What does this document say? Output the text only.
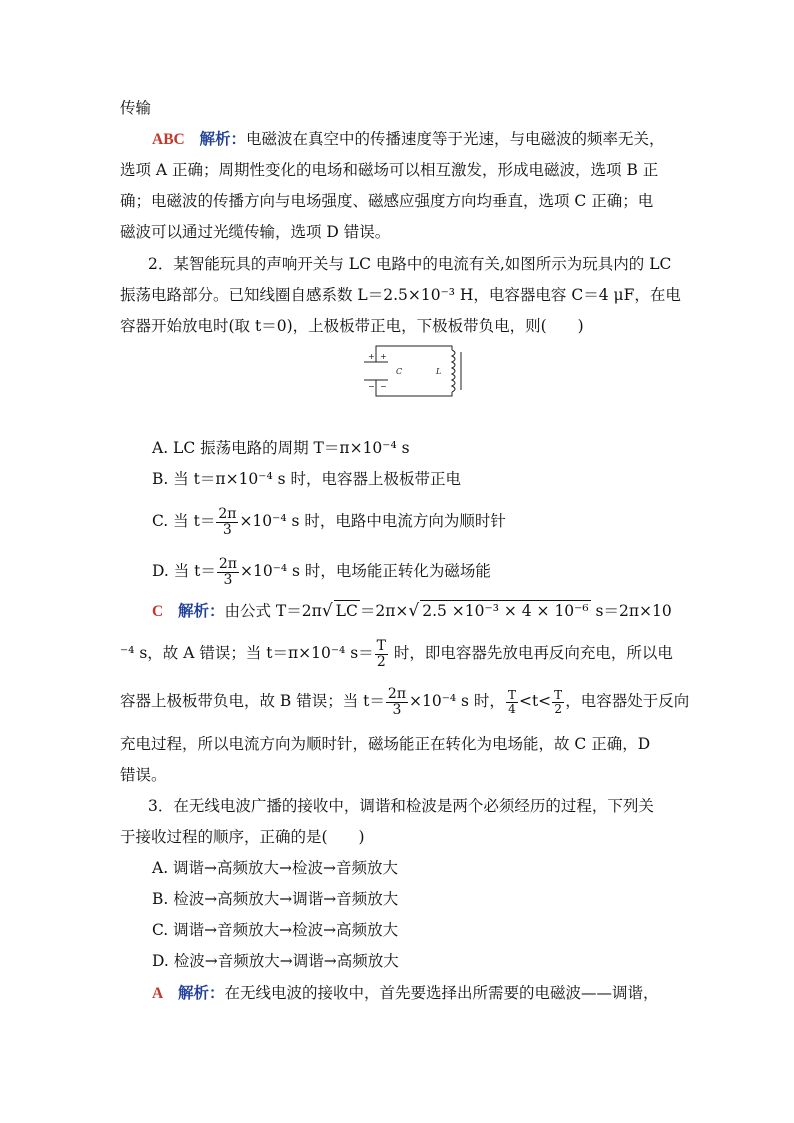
传输
ABC 解析：电磁波在真空中的传播速度等于光速，与电磁波的频率无关，
选项 A 正确；周期性变化的电场和磁场可以相互激发，形成电磁波，选项 B 正
确；电磁波的传播方向与电场强度、磁感应强度方向均垂直，选项 C 正确；电
磁波可以通过光缆传输，选项 D 错误。
2．某智能玩具的声响开关与 LC 电路中的电流有关,如图所示为玩具内的 LC
振荡电路部分。已知线圈自感系数 L＝2.5×10⁻³ H，电容器电容 C＝4 μF，在电
容器开始放电时(取 t＝0)，上极板带正电，下极板带负电，则(　　)
+ +
− −
C	L
A. LC 振荡电路的周期 T＝π×10⁻⁴ s
B. 当 t＝π×10⁻⁴ s 时，电容器上极板带正电
C. 当 $t= \frac{2\pi}{3} \times 10^{-4}$ s 时，电路中电流方向为顺时针
D. 当 $t= \frac{2\pi}{3} \times 10^{-4}$ s 时，电场能正转化为磁场能
C 解析：由公式 T＝2π√ LC ＝2π×√ 2.5 ×10⁻³ × 4 × 10⁻⁶ s＝2π×10
⁻⁴ s，故 A 错误；当 t＝π×10⁻⁴ $s= \frac{T}{2}$ 时，即电容器先放电再反向充电，所以电
容器上极板带负电，故 B 错误；当 $t= \frac{2\pi}{3} \times 10^{-4}$ s 时， $\frac{T}{4} <t< \frac{T}{2}$ ，电容器处于反向
充电过程，所以电流方向为顺时针，磁场能正在转化为电场能，故 C 正确，D
错误。
3．在无线电波广播的接收中，调谐和检波是两个必须经历的过程，下列关
于接收过程的顺序，正确的是(　　)
A. 调谐→高频放大→检波→音频放大
B. 检波→高频放大→调谐→音频放大
C. 调谐→音频放大→检波→高频放大
D. 检波→音频放大→调谐→高频放大
A 解析：在无线电波的接收中，首先要选择出所需要的电磁波——调谐，
